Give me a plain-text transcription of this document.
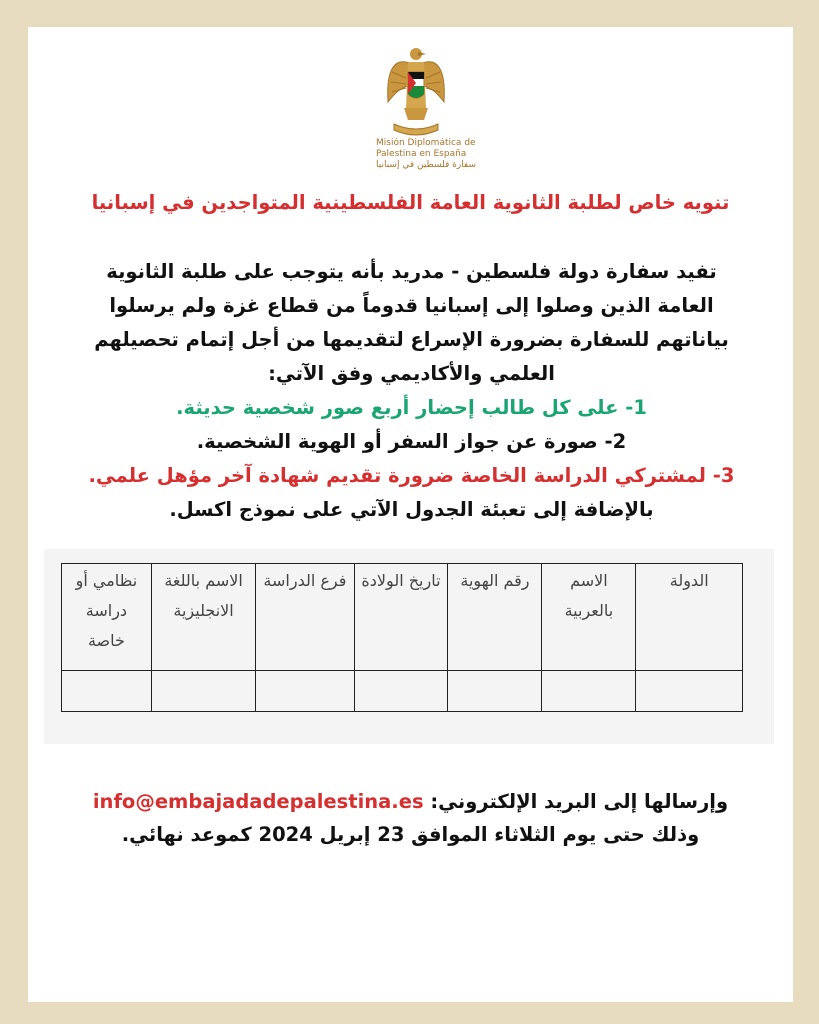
Misión Diplomática de

Palestina en España

سفارة فلسطين في إسبانيا

تنويه خاص لطلبة الثانوية العامة الفلسطينية المتواجدين في إسبانيا

تفيد سفارة دولة فلسطين - مدريد بأنه يتوجب على طلبة الثانوية

العامة الذين وصلوا إلى إسبانيا قدوماً من قطاع غزة ولم يرسلوا

بياناتهم للسفارة بضرورة الإسراع لتقديمها من أجل إتمام تحصيلهم

العلمي والأكاديمي وفق الآتي:

1- على كل طالب إحضار أربع صور شخصية حديثة.

2- صورة عن جواز السفر أو الهوية الشخصية.

3- لمشتركي الدراسة الخاصة ضرورة تقديم شهادة آخر مؤهل علمي.

بالإضافة إلى تعبئة الجدول الآتي على نموذج اكسل.

الدولة	الاسم بالعربية	رقم الهوية	تاريخ الولادة	فرع الدراسة	الاسم باللغة الانجليزية	نظامي أو دراسة خاصة

وإرسالها إلى البريد الإلكتروني: info@embajadadepalestina.es

وذلك حتى يوم الثلاثاء الموافق 23 إبريل 2024 كموعد نهائي.
